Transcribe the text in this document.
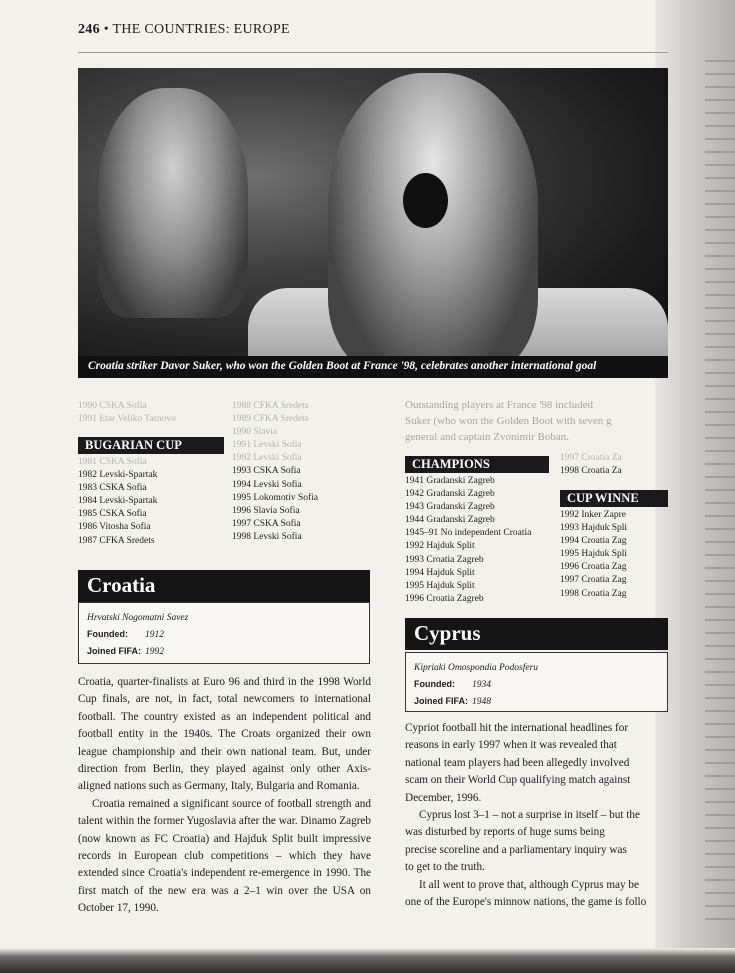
246 • THE COUNTRIES: EUROPE
Croatia striker Davor Suker, who won the Golden Boot at France '98, celebrates another international goal
1990 CSKA Sofia
1991 Etar Veliko Tarnovo
BUGARIAN CUP
1981 CSKA Sofia
1982 Levski-Spartak
1983 CSKA Sofia
1984 Levski-Spartak
1985 CSKA Sofia
1986 Vitosha Sofia
1987 CFKA Sredets
1988 CFKA Sredets
1989 CFKA Sredets
1990 Slavia
1991 Levski Sofia
1992 Levski Sofia
1993 CSKA Sofia
1994 Levski Sofia
1995 Lokomotiv Sofia
1996 Slavia Sofia
1997 CSKA Sofia
1998 Levski Sofia
Croatia
Hrvatski Nogomatni Savez
Founded: 1912
Joined FIFA: 1992

Croatia, quarter-finalists at Euro 96 and third in the 1998 World Cup finals, are not, in fact, total newcomers to international football. The country existed as an independent political and football entity in the 1940s. The Croats organized their own league championship and their own national team. But, under direction from Berlin, they played against only other Axis-aligned nations such as Germany, Italy, Bulgaria and Romania.

Croatia remained a significant source of football strength and talent within the former Yugoslavia after the war. Dinamo Zagreb (now known as FC Croatia) and Hajduk Split built impressive records in European club competitions – which they have extended since Croatia's independent re-emergence in 1990. The first match of the new era was a 2–1 win over the USA on October 17, 1990.

Outstanding players at France '98 included
Suker (who won the Golden Boot with seven g
general and captain Zvonimir Boban.
CHAMPIONS
1941 Gradanski Zagreb
1942 Gradanski Zagreb
1943 Gradanski Zagreb
1944 Gradanski Zagreb
1945–91 No independent Croatia
1992 Hajduk Split
1993 Croatia Zagreb
1994 Hajduk Split
1995 Hajduk Split
1996 Croatia Zagreb
1997 Croatia Za
1998 Croatia Za
CUP WINNE
1992 Inker Zapre
1993 Hajduk Spli
1994 Croatia Zag
1995 Hajduk Spli
1996 Croatia Zag
1997 Croatia Zag
1998 Croatia Zag
Cyprus
Kipriaki Omospondia Podosferu
Founded: 1934
Joined FIFA: 1948
Cypriot football hit the international headlines for
reasons in early 1997 when it was revealed that
national team players had been allegedly involved
scam on their World Cup qualifying match against
December, 1996.
Cyprus lost 3–1 – not a surprise in itself – but the
was disturbed by reports of huge sums being
precise scoreline and a parliamentary inquiry was
to get to the truth.
It all went to prove that, although Cyprus may be
one of the Europe's minnow nations, the game is follo
